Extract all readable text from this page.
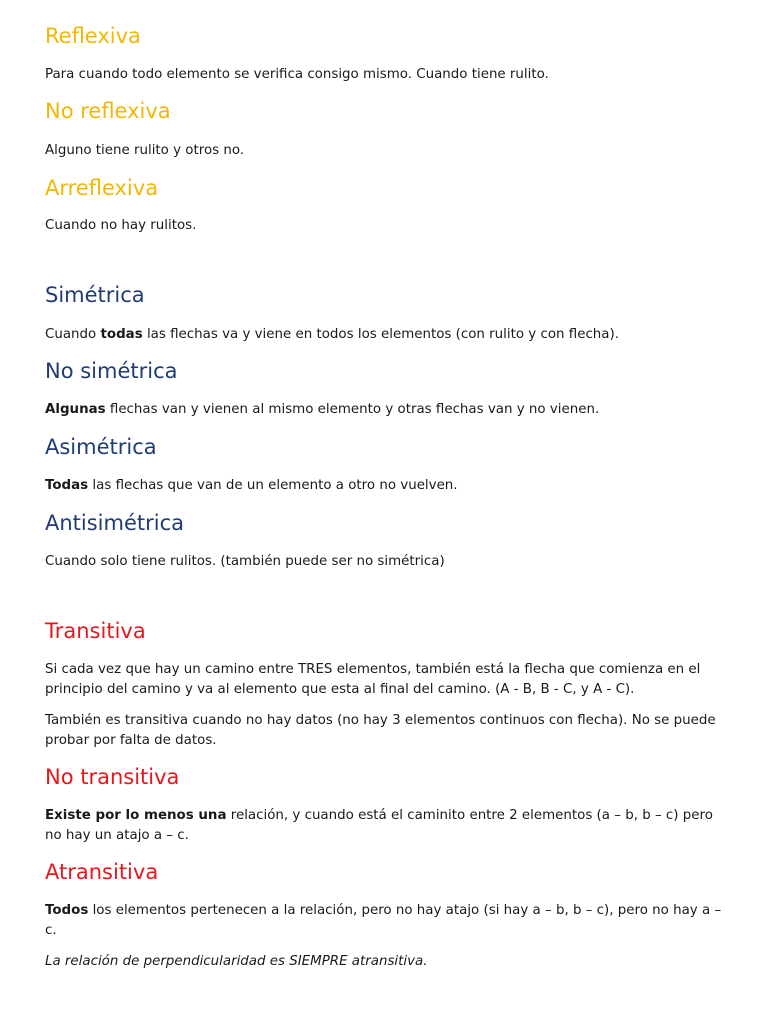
Reflexiva

Para cuando todo elemento se verifica consigo mismo. Cuando tiene rulito.

No reflexiva

Alguno tiene rulito y otros no.

Arreflexiva

Cuando no hay rulitos.

Simétrica

Cuando todas las flechas va y viene en todos los elementos (con rulito y con flecha).

No simétrica

Algunas flechas van y vienen al mismo elemento y otras flechas van y no vienen.

Asimétrica

Todas las flechas que van de un elemento a otro no vuelven.

Antisimétrica

Cuando solo tiene rulitos. (también puede ser no simétrica)

Transitiva

Si cada vez que hay un camino entre TRES elementos, también está la flecha que comienza en el principio del camino y va al elemento que esta al final del camino. (A - B, B - C, y A - C).

También es transitiva cuando no hay datos (no hay 3 elementos continuos con flecha). No se puede probar por falta de datos.

No transitiva

Existe por lo menos una relación, y cuando está el caminito entre 2 elementos (a – b, b – c) pero no hay un atajo a – c.

Atransitiva

Todos los elementos pertenecen a la relación, pero no hay atajo (si hay a – b, b – c), pero no hay a – c.

La relación de perpendicularidad es SIEMPRE atransitiva.
